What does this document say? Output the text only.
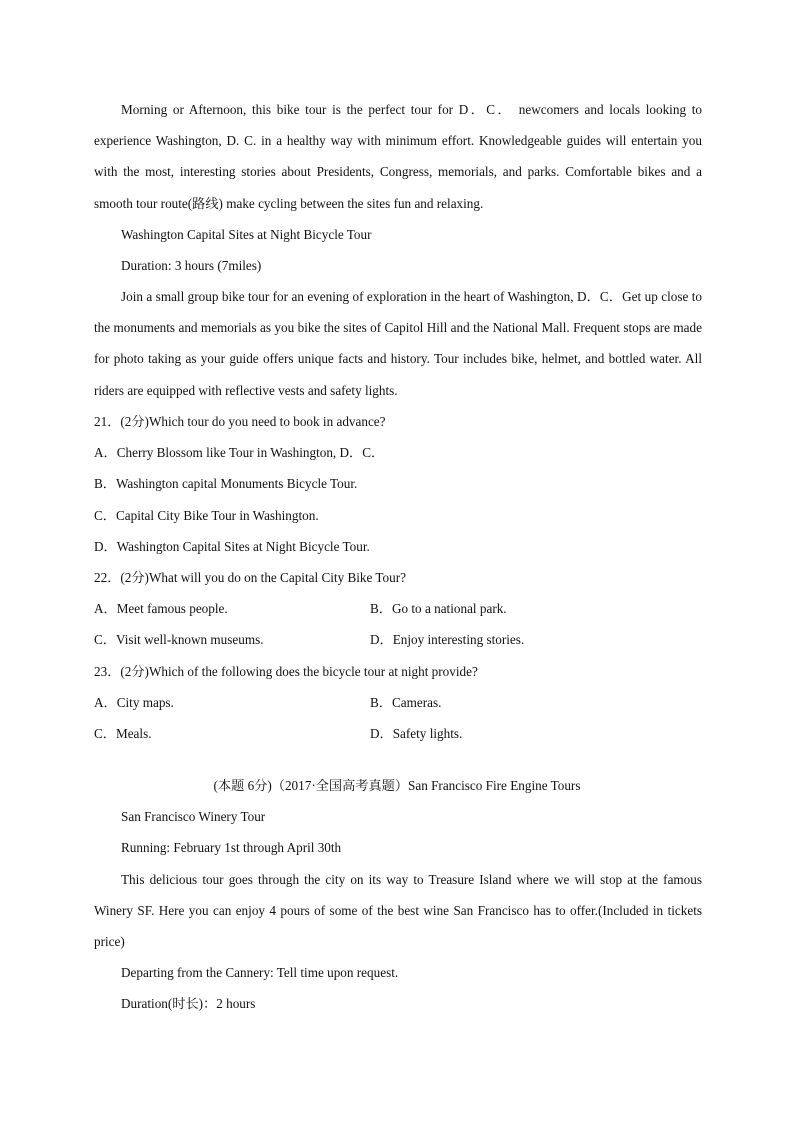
Morning or Afternoon, this bike tour is the perfect tour for D．C． newcomers and locals looking to experience Washington, D. C. in a healthy way with minimum effort. Knowledgeable guides will entertain you with the most, interesting stories about Presidents, Congress, memorials, and parks. Comfortable bikes and a smooth tour route(路线) make cycling between the sites fun and relaxing.

Washington Capital Sites at Night Bicycle Tour

Duration: 3 hours (7miles)

Join a small group bike tour for an evening of exploration in the heart of Washington, D．C．Get up close to the monuments and memorials as you bike the sites of Capitol Hill and the National Mall. Frequent stops are made for photo taking as your guide offers unique facts and history. Tour includes bike, helmet, and bottled water. All riders are equipped with reflective vests and safety lights.

21．(2分)Which tour do you need to book in advance?

A．Cherry Blossom like Tour in Washington, D．C．

B．Washington capital Monuments Bicycle Tour.

C．Capital City Bike Tour in Washington.

D．Washington Capital Sites at Night Bicycle Tour.

22．(2分)What will you do on the Capital City Bike Tour?

A．Meet famous people.	B．Go to a national park.

C．Visit well-known museums.	D．Enjoy interesting stories.

23．(2分)Which of the following does the bicycle tour at night provide?

A．City maps.	B．Cameras.

C．Meals.	D．Safety lights.

(本题 6分)（2017·全国高考真题）San Francisco Fire Engine Tours

San Francisco Winery Tour

Running: February 1st through April 30th

This delicious tour goes through the city on its way to Treasure Island where we will stop at the famous Winery SF. Here you can enjoy 4 pours of some of the best wine San Francisco has to offer.(Included in tickets price)

Departing from the Cannery: Tell time upon request.

Duration(时长)：2 hours
